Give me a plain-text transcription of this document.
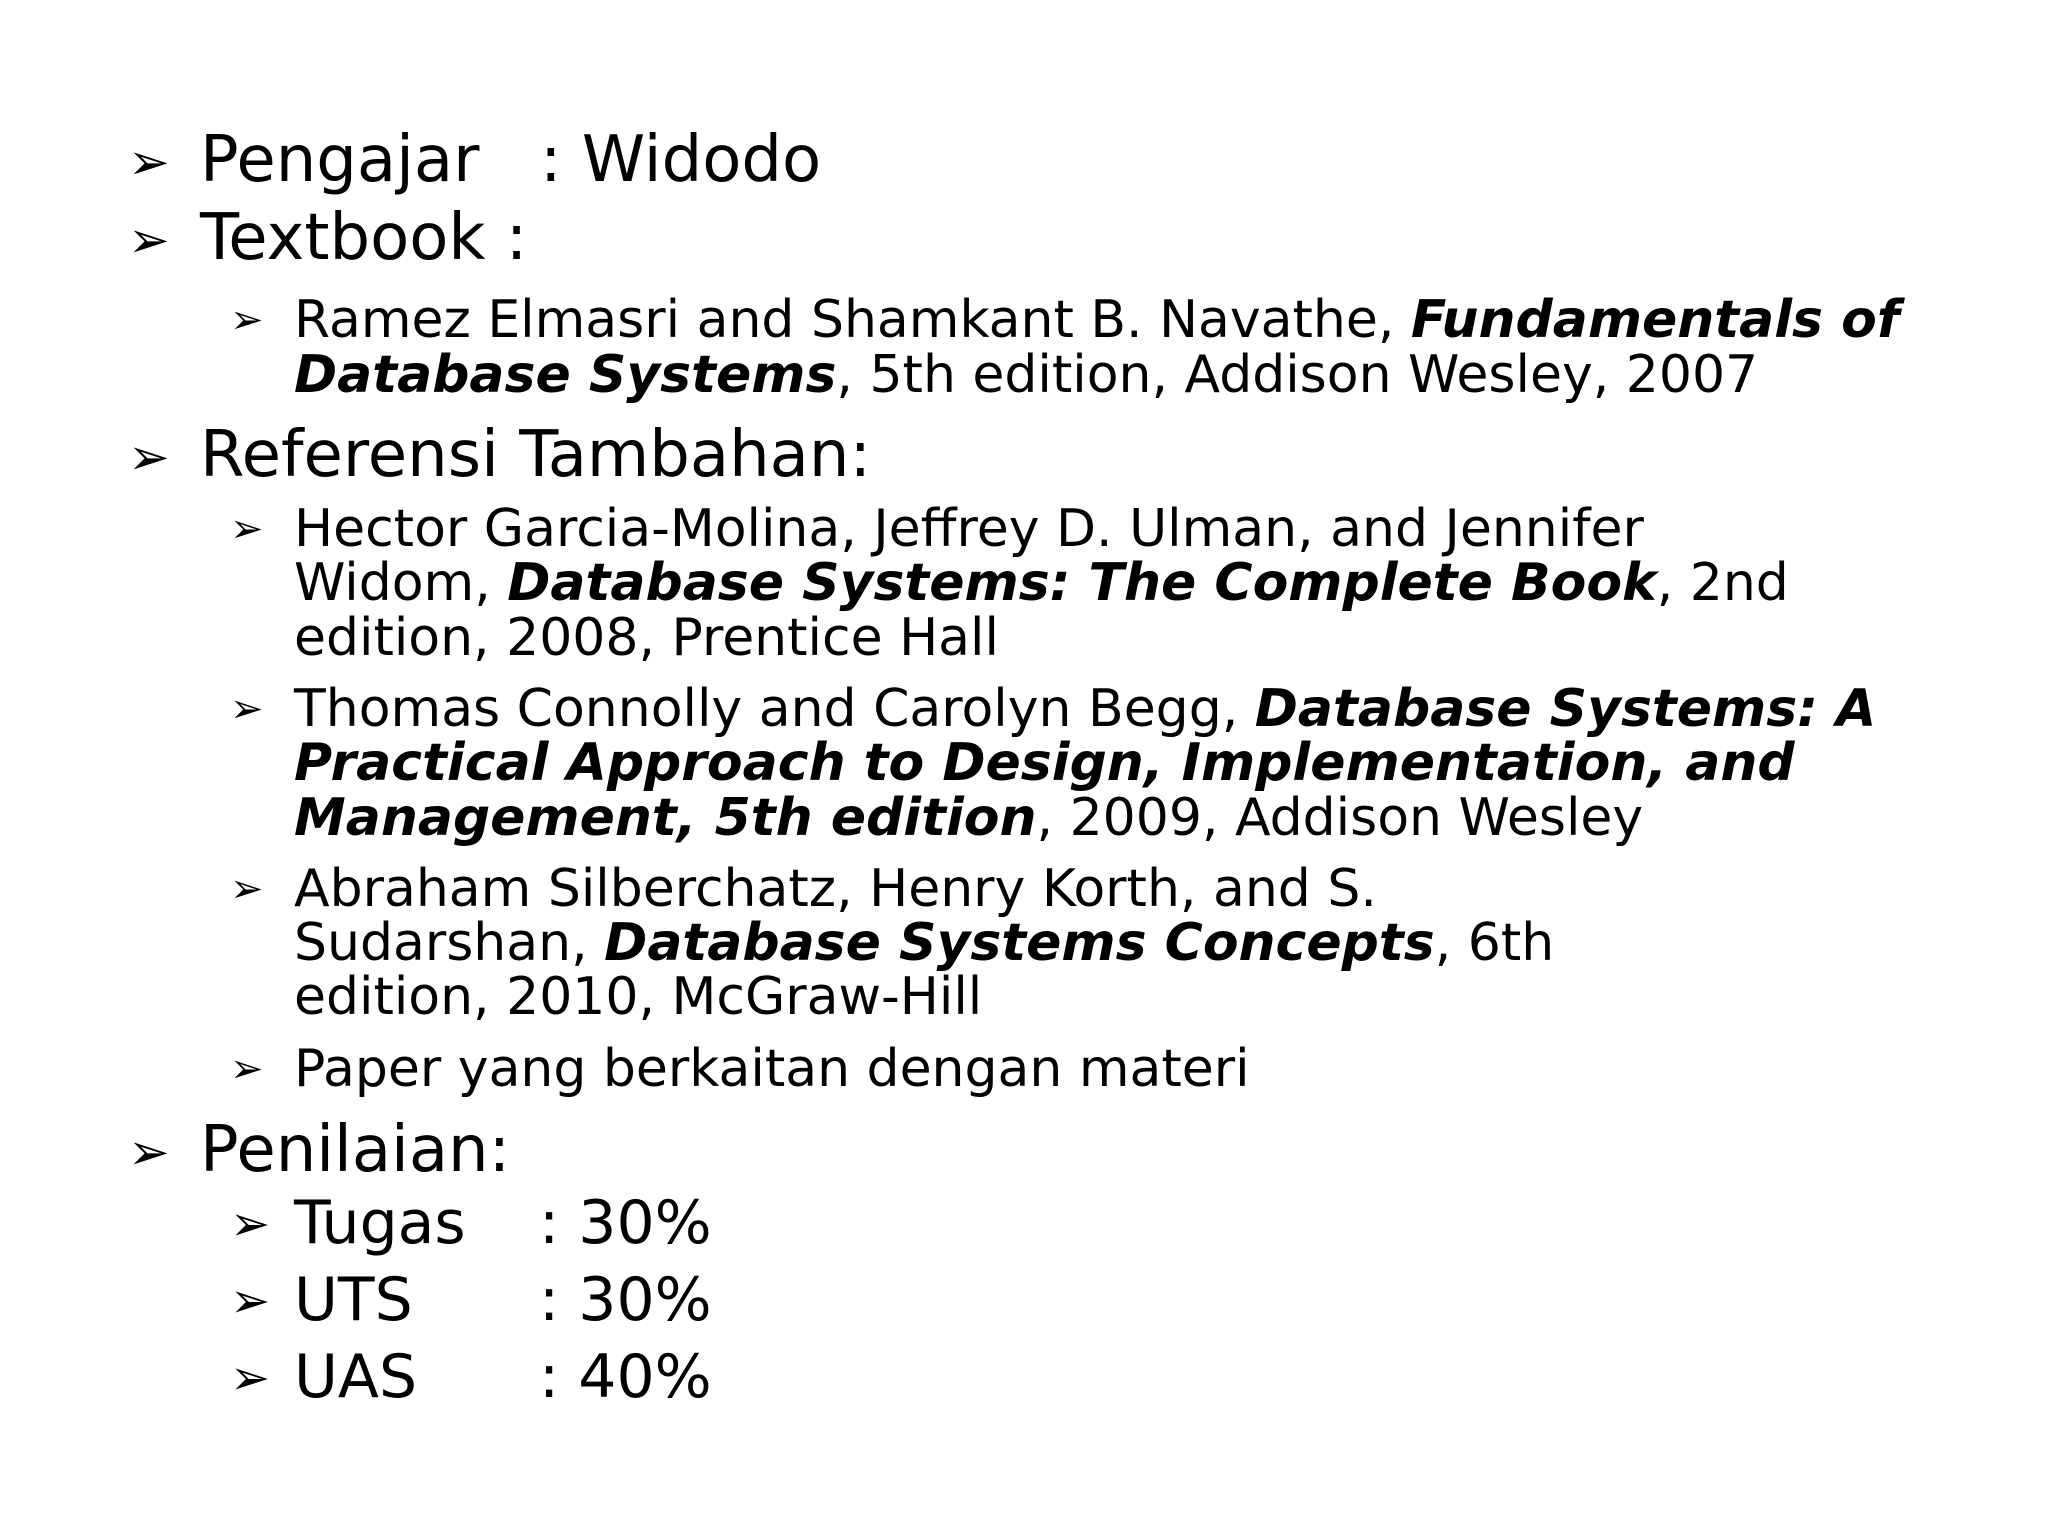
➢ Pengajar : Widodo
➢ Textbook :
➢ Ramez Elmasri and Shamkant B. Navathe, Fundamentals of
Database Systems, 5th edition, Addison Wesley, 2007
➢ Referensi Tambahan:
➢ Hector Garcia-Molina, Jeffrey D. Ulman, and Jennifer
Widom, Database Systems: The Complete Book, 2nd
edition, 2008, Prentice Hall
➢ Thomas Connolly and Carolyn Begg, Database Systems: A
Practical Approach to Design, Implementation, and
Management, 5th edition, 2009, Addison Wesley
➢ Abraham Silberchatz, Henry Korth, and S.
Sudarshan, Database Systems Concepts, 6th
edition, 2010, McGraw-Hill
➢ Paper yang berkaitan dengan materi
➢ Penilaian:
➢ Tugas : 30%
➢ UTS : 30%
➢ UAS : 40%
